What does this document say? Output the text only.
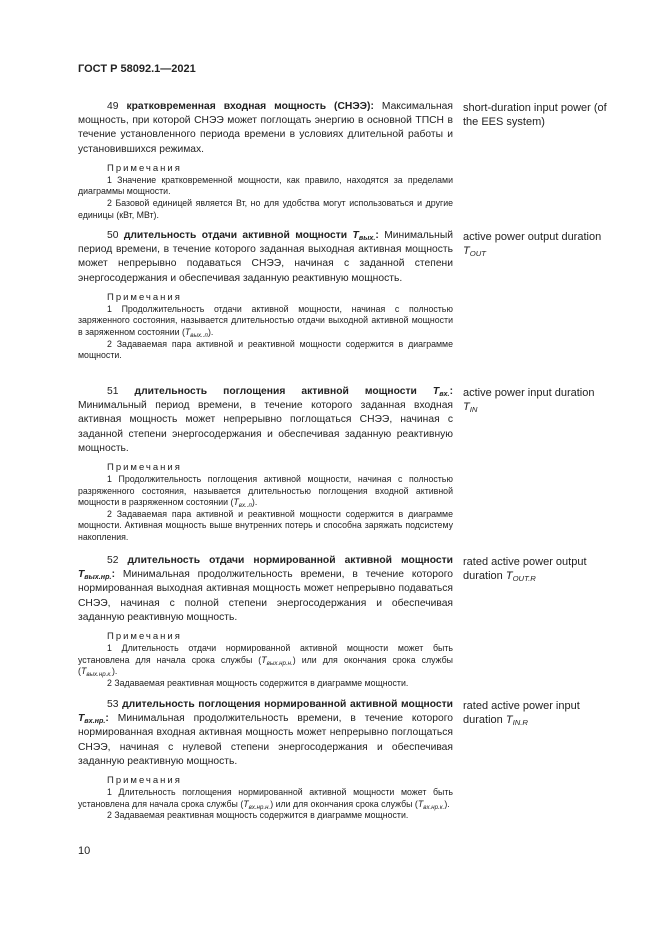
ГОСТ Р 58092.1—2021

49 кратковременная входная мощность (СНЭЭ): Максимальная мощность, при которой СНЭЭ может поглощать энергию в основной ТПСН в течение установленного периода времени в условиях длительной работы и установившихся режимах.

Примечания

1 Значение кратковременной мощности, как правило, находятся за пределами диаграммы мощности.

2 Базовой единицей является Вт, но для удобства могут использоваться и другие единицы (кВт, МВт).

short-duration input power (of the EES system)

50 длительность отдачи активной мощности $T_{вых.}$: Минимальный период времени, в течение которого заданная выходная активная мощность может непрерывно подаваться СНЭЭ, начиная с заданной степени энергосодержания и обеспечивая заданную реактивную мощность.

Примечания

1 Продолжительность отдачи активной мощности, начиная с полностью заряженного состояния, называется длительностью отдачи выходной активной мощности в заряженном состоянии $(T_{вых..п})$.

2 Задаваемая пара активной и реактивной мощности содержится в диаграмме мощности.

active power output duration
$T_{OUT}$

51 длительность поглощения активной мощности $T_{вх.}$: Минимальный период времени, в течение которого заданная входная активная мощность может непрерывно поглощаться СНЭЭ, начиная с заданной степени энергосодержания и обеспечивая заданную реактивную мощность.

Примечания

1 Продолжительность поглощения активной мощности, начиная с полностью разряженного состояния, называется длительностью поглощения входной активной мощности в разряженном состоянии $(T_{вх..п})$.

2 Задаваемая пара активной и реактивной мощности содержится в диаграмме мощности. Активная мощность выше внутренних потерь и способна заряжать подсистему накопления.

active power input duration
$T_{IN}$

52 длительность отдачи нормированной активной мощности $T_{вых.нр.}$: Минимальная продолжительность времени, в течение которого нормированная выходная активная мощность может непрерывно подаваться СНЭЭ, начиная с полной степени энергосодержания и обеспечивая заданную реактивную мощность.

Примечания

1 Длительность отдачи нормированной активной мощности может быть установлена для начала срока службы $(T_{вых.нр.н.})$ или для окончания срока службы $(T_{вых.нр.к.})$.

2 Задаваемая реактивная мощность содержится в диаграмме мощности.

rated active power output duration $T_{OUT.R}$

53 длительность поглощения нормированной активной мощности $T_{вх.нр.}$: Минимальная продолжительность времени, в течение которого нормированная входная активная мощность может непрерывно поглощаться СНЭЭ, начиная с нулевой степени энергосодержания и обеспечивая заданную реактивную мощность.

Примечания

1 Длительность поглощения нормированной активной мощности может быть установлена для начала срока службы $(T_{вх.нр.н.})$ или для окончания срока службы $(T_{вх.нр.к.})$.

2 Задаваемая реактивная мощность содержится в диаграмме мощности.

rated active power input duration $T_{IN.R}$
10
